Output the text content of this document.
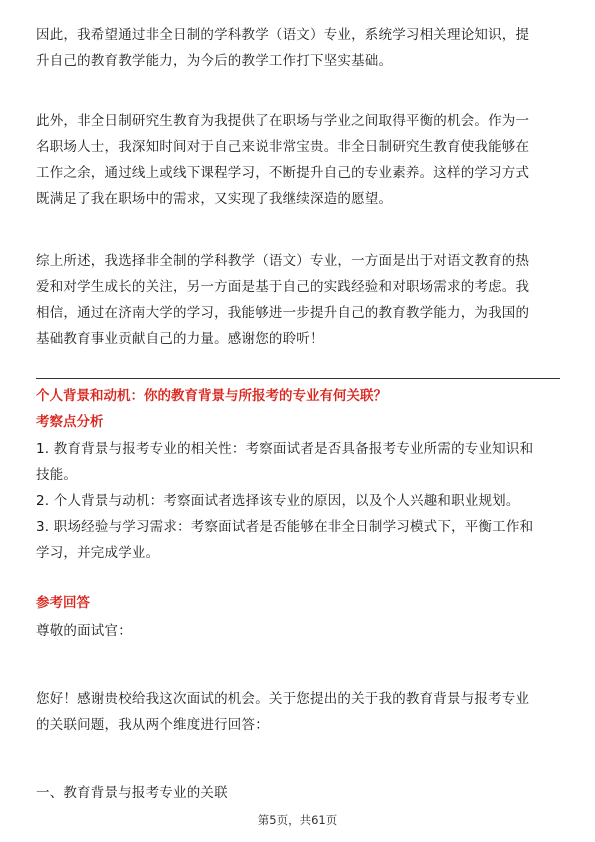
因此，我希望通过非全日制的学科教学（语文）专业，系统学习相关理论知识，提
升自己的教育教学能力，为今后的教学工作打下坚实基础。
此外，非全日制研究生教育为我提供了在职场与学业之间取得平衡的机会。作为一
名职场人士，我深知时间对于自己来说非常宝贵。非全日制研究生教育使我能够在
工作之余，通过线上或线下课程学习，不断提升自己的专业素养。这样的学习方式
既满足了我在职场中的需求，又实现了我继续深造的愿望。
综上所述，我选择非全制的学科教学（语文）专业，一方面是出于对语文教育的热
爱和对学生成长的关注，另一方面是基于自己的实践经验和对职场需求的考虑。我
相信，通过在济南大学的学习，我能够进一步提升自己的教育教学能力，为我国的
基础教育事业贡献自己的力量。感谢您的聆听！
个人背景和动机：你的教育背景与所报考的专业有何关联？
考察点分析
1. 教育背景与报考专业的相关性：考察面试者是否具备报考专业所需的专业知识和
技能。
2. 个人背景与动机：考察面试者选择该专业的原因，以及个人兴趣和职业规划。
3. 职场经验与学习需求：考察面试者是否能够在非全日制学习模式下，平衡工作和
学习，并完成学业。
参考回答
尊敬的面试官：

您好！感谢贵校给我这次面试的机会。关于您提出的关于我的教育背景与报考专业
的关联问题，我从两个维度进行回答：

一、教育背景与报考专业的关联
第5页，共61页
